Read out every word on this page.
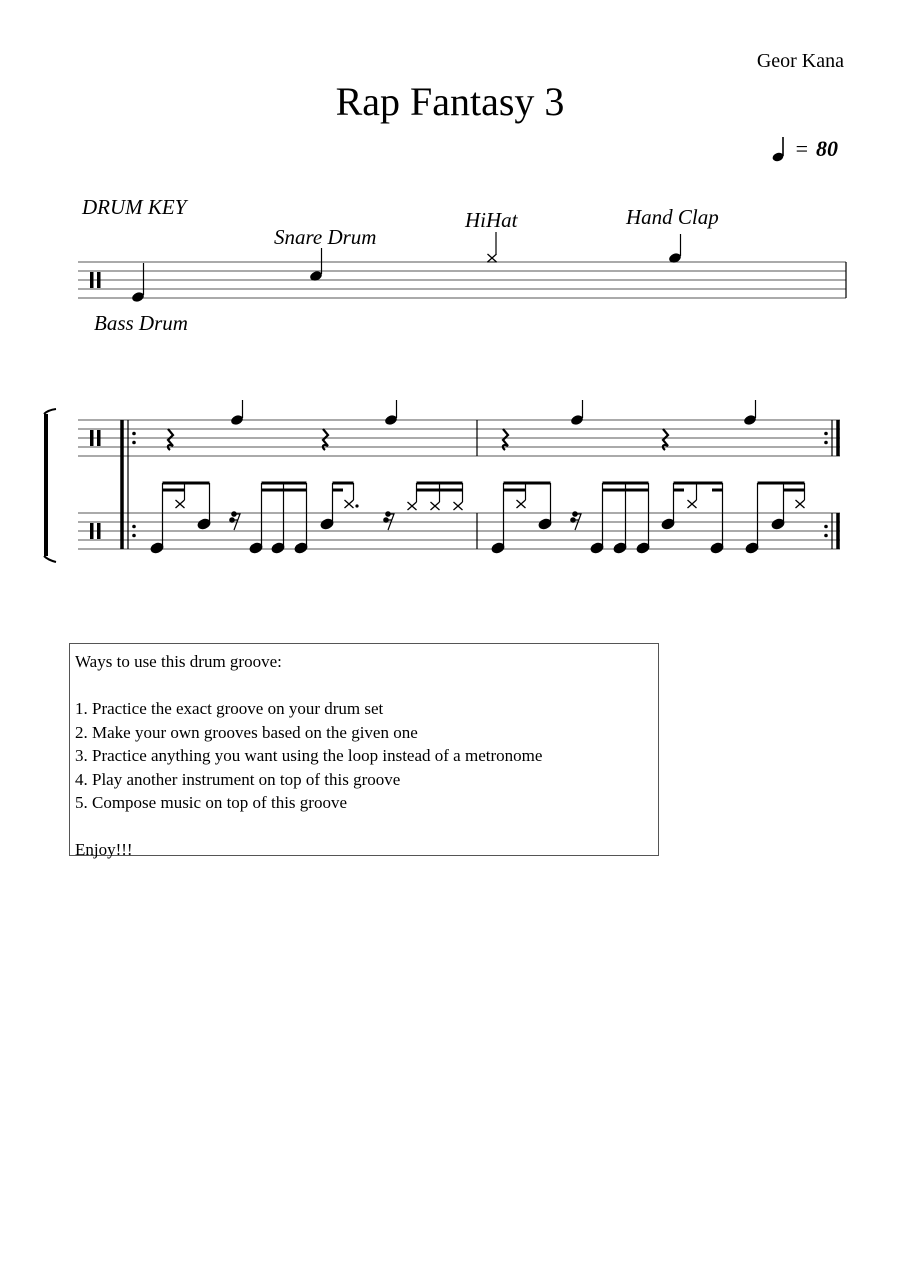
Geor Kana
Rap Fantasy 3
= 80
DRUM KEY
Snare Drum
HiHat	Hand Clap
Bass Drum
Ways to use this drum groove:
1. Practice the exact groove on your drum set
2. Make your own grooves based on the given one
3. Practice anything you want using the loop instead of a metronome
4. Play another instrument on top of this groove
5. Compose music on top of this groove
Enjoy!!!
